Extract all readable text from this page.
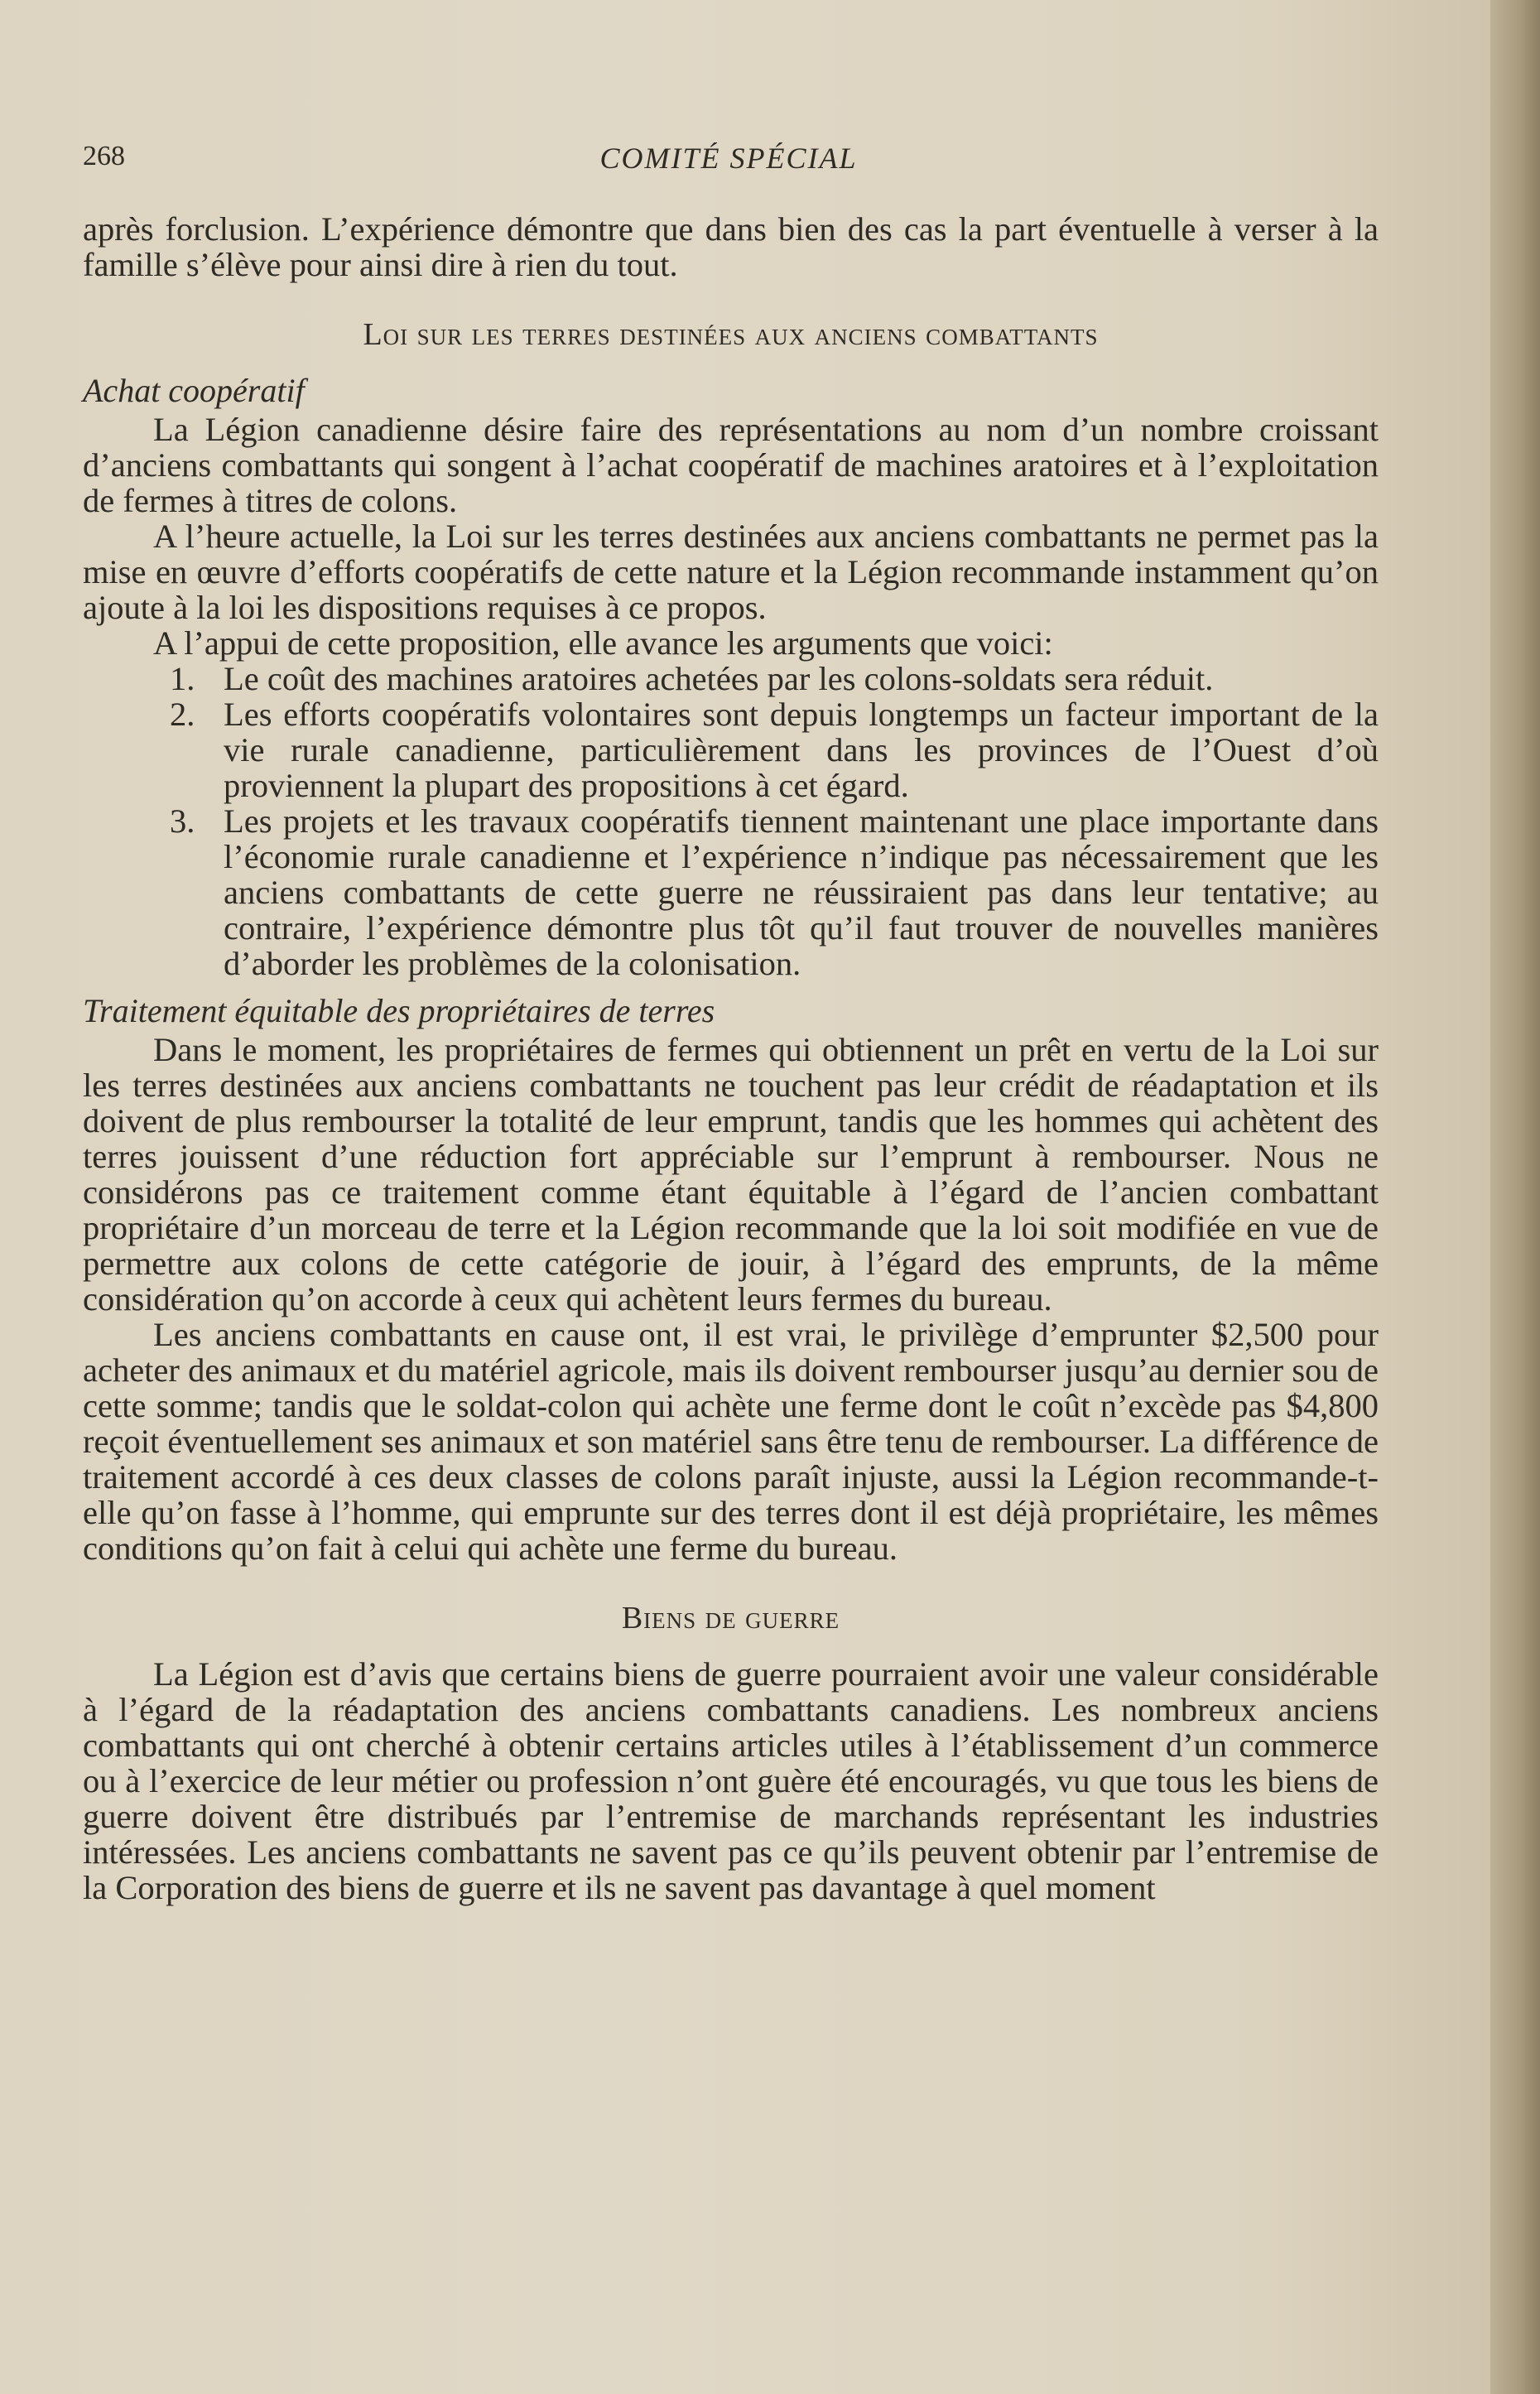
268	COMITÉ SPÉCIAL

après forclusion. L’expérience démontre que dans bien des cas la part éventuelle à verser à la famille s’élève pour ainsi dire à rien du tout.

Loi sur les terres destinées aux anciens combattants
Achat coopératif

La Légion canadienne désire faire des représentations au nom d’un nombre croissant d’anciens combattants qui songent à l’achat coopératif de machines aratoires et à l’exploitation de fermes à titres de colons.

A l’heure actuelle, la Loi sur les terres destinées aux anciens combattants ne permet pas la mise en œuvre d’efforts coopératifs de cette nature et la Légion recommande instamment qu’on ajoute à la loi les dispositions requises à ce propos.

A l’appui de cette proposition, elle avance les arguments que voici:

1. Le coût des machines aratoires achetées par les colons-soldats sera réduit.
2. Les efforts coopératifs volontaires sont depuis longtemps un facteur important de la vie rurale canadienne, particulièrement dans les provinces de l’Ouest d’où proviennent la plupart des propositions à cet égard.
3. Les projets et les travaux coopératifs tiennent maintenant une place importante dans l’économie rurale canadienne et l’expérience n’indique pas nécessairement que les anciens combattants de cette guerre ne réussiraient pas dans leur tentative; au contraire, l’expérience démontre plus tôt qu’il faut trouver de nouvelles manières d’aborder les problèmes de la colonisation.
Traitement équitable des propriétaires de terres

Dans le moment, les propriétaires de fermes qui obtiennent un prêt en vertu de la Loi sur les terres destinées aux anciens combattants ne touchent pas leur crédit de réadaptation et ils doivent de plus rembourser la totalité de leur emprunt, tandis que les hommes qui achètent des terres jouissent d’une réduction fort appréciable sur l’emprunt à rembourser. Nous ne considérons pas ce traitement comme étant équitable à l’égard de l’ancien combattant propriétaire d’un morceau de terre et la Légion recommande que la loi soit modifiée en vue de permettre aux colons de cette catégorie de jouir, à l’égard des emprunts, de la même considération qu’on accorde à ceux qui achètent leurs fermes du bureau.

Les anciens combattants en cause ont, il est vrai, le privilège d’emprunter $2,500 pour acheter des animaux et du matériel agricole, mais ils doivent rembourser jusqu’au dernier sou de cette somme; tandis que le soldat-colon qui achète une ferme dont le coût n’excède pas $4,800 reçoit éventuellement ses animaux et son matériel sans être tenu de rembourser. La différence de traitement accordé à ces deux classes de colons paraît injuste, aussi la Légion recommande-t-elle qu’on fasse à l’homme, qui emprunte sur des terres dont il est déjà propriétaire, les mêmes conditions qu’on fait à celui qui achète une ferme du bureau.

Biens de guerre

La Légion est d’avis que certains biens de guerre pourraient avoir une valeur considérable à l’égard de la réadaptation des anciens combattants canadiens. Les nombreux anciens combattants qui ont cherché à obtenir certains articles utiles à l’établissement d’un commerce ou à l’exercice de leur métier ou profession n’ont guère été encouragés, vu que tous les biens de guerre doivent être distribués par l’entremise de marchands représentant les industries intéressées. Les anciens combattants ne savent pas ce qu’ils peuvent obtenir par l’entremise de la Corporation des biens de guerre et ils ne savent pas davantage à quel moment
